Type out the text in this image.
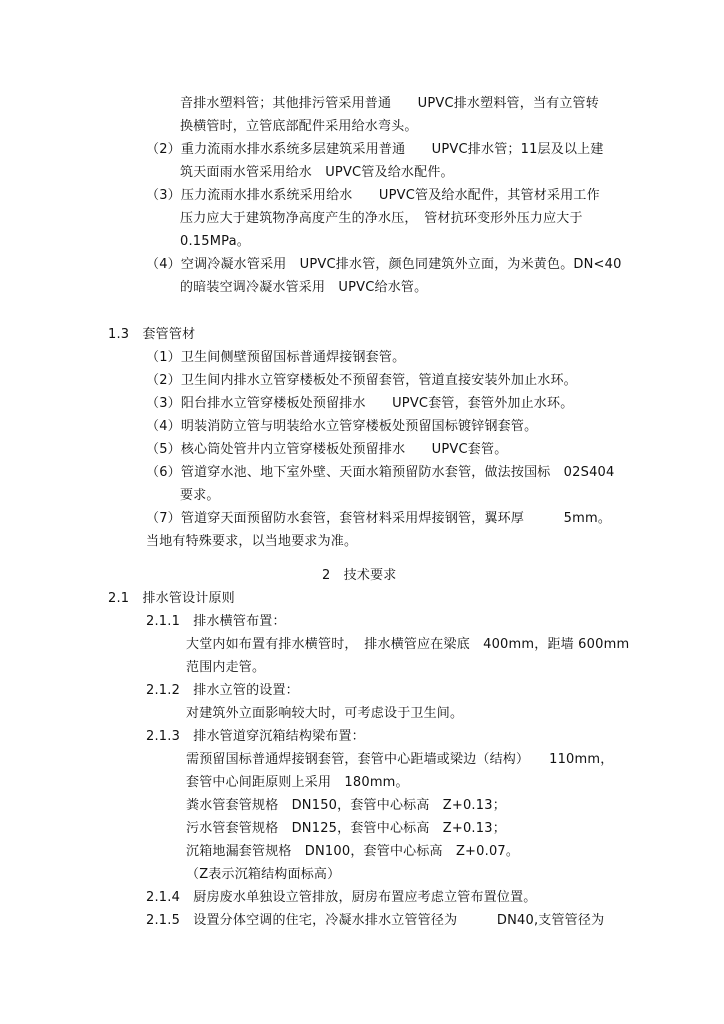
音排水塑料管；其他排污管采用普通　　UPVC排水塑料管，当有立管转
换横管时，立管底部配件采用给水弯头。
（2）重力流雨水排水系统多层建筑采用普通　　UPVC排水管；11层及以上建
筑天面雨水管采用给水　UPVC管及给水配件。
（3）压力流雨水排水系统采用给水　　UPVC管及给水配件，其管材采用工作
压力应大于建筑物净高度产生的净水压，　管材抗环变形外压力应大于
0.15MPa。
（4）空调冷凝水管采用　UPVC排水管，颜色同建筑外立面，为米黄色。DN<40
的暗装空调冷凝水管采用　UPVC给水管。
1.3　套管管材
（1）卫生间侧壁预留国标普通焊接钢套管。
（2）卫生间内排水立管穿楼板处不预留套管，管道直接安装外加止水环。
（3）阳台排水立管穿楼板处预留排水　　UPVC套管，套管外加止水环。
（4）明装消防立管与明装给水立管穿楼板处预留国标镀锌钢套管。
（5）核心筒处管井内立管穿楼板处预留排水　　UPVC套管。
（6）管道穿水池、地下室外壁、天面水箱预留防水套管，做法按国标　02S404
要求。
（7）管道穿天面预留防水套管，套管材料采用焊接钢管，翼环厚　　　5mm。
当地有特殊要求，以当地要求为准。
2　技术要求
2.1　排水管设计原则
2.1.1　排水横管布置：
大堂内如布置有排水横管时，　排水横管应在梁底　400mm，距墙 600mm
范围内走管。
2.1.2　排水立管的设置：
对建筑外立面影响较大时，可考虑设于卫生间。
2.1.3　排水管道穿沉箱结构梁布置：
需预留国标普通焊接钢套管，套管中心距墙或梁边（结构）　　110mm，
套管中心间距原则上采用　180mm。
粪水管套管规格　DN150，套管中心标高　Z+0.13；
污水管套管规格　DN125，套管中心标高　Z+0.13；
沉箱地漏套管规格　DN100，套管中心标高　Z+0.07。
（Z表示沉箱结构面标高）
2.1.4　厨房废水单独设立管排放，厨房布置应考虑立管布置位置。
2.1.5　设置分体空调的住宅，冷凝水排水立管管径为　　　DN40,支管管径为
